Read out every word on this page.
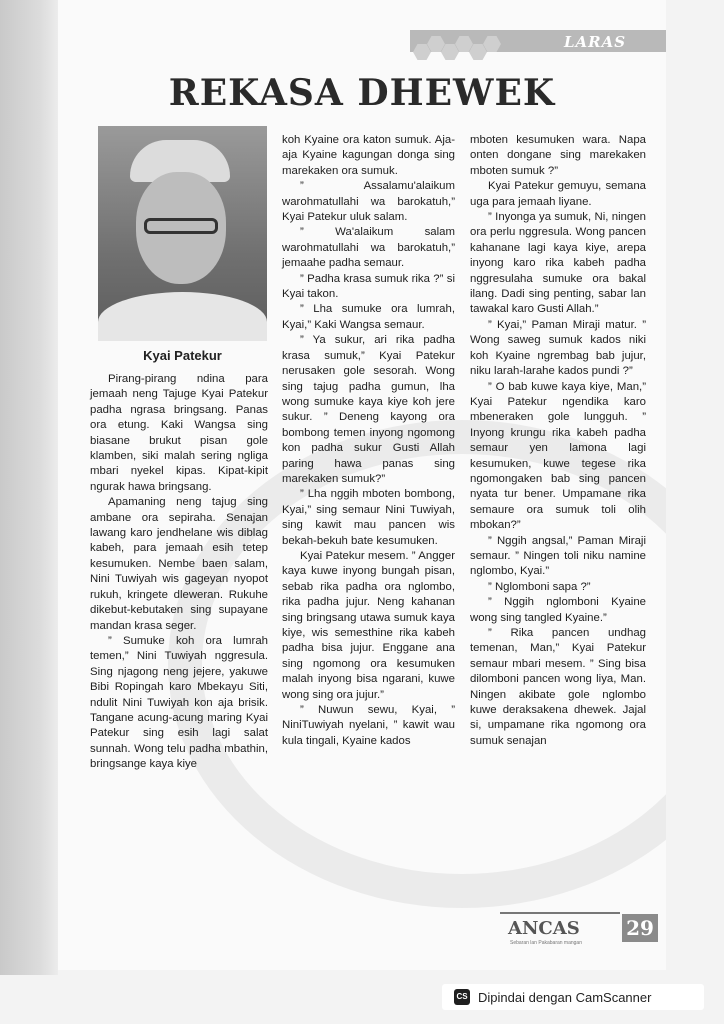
LARAS
REKASA DHEWEK
Kyai Patekur

Pirang-pirang ndina para jemaah neng Tajuge Kyai Patekur padha ngrasa bringsang. Panas ora etung. Kaki Wangsa sing biasane brukut pisan gole klamben, siki malah sering ngliga mbari nyekel kipas. Kipat-kipit ngurak hawa bringsang.

Apamaning neng tajug sing ambane ora sepiraha. Senajan lawang karo jendhelane wis diblag kabeh, para jemaah esih tetep kesumuken. Nembe baen salam, Nini Tuwiyah wis gageyan nyopot rukuh, kringete dleweran. Rukuhe dikebut-kebutaken sing supayane mandan krasa seger.

” Sumuke koh ora lumrah temen,” Nini Tuwiyah nggresula. Sing njagong neng jejere, yakuwe Bibi Ropingah karo Mbekayu Siti, ndulit Nini Tuwiyah kon aja brisik. Tangane acung-acung maring Kyai Patekur sing esih lagi salat sunnah. Wong telu padha mbathin, bringsange kaya kiye

koh Kyaine ora katon sumuk. Aja-aja Kyaine kagungan donga sing marekaken ora sumuk.

” Assalamu'alaikum warohmatullahi wa barokatuh,” Kyai Patekur uluk salam.

” Wa'alaikum salam warohmatullahi wa barokatuh,” jemaahe padha semaur.

” Padha krasa sumuk rika ?” si Kyai takon.

” Lha sumuke ora lumrah, Kyai,” Kaki Wangsa semaur.

” Ya sukur, ari rika padha krasa sumuk,” Kyai Patekur nerusaken gole sesorah. Wong sing tajug padha gumun, lha wong sumuke kaya kiye koh jere sukur. ” Deneng kayong ora bombong temen inyong ngomong kon padha sukur Gusti Allah paring hawa panas sing marekaken sumuk?”

” Lha nggih mboten bombong, Kyai,” sing semaur Nini Tuwiyah, sing kawit mau pancen wis bekah-bekuh bate kesumuken.

Kyai Patekur mesem. ” Angger kaya kuwe inyong bungah pisan, sebab rika padha ora nglombo, rika padha jujur. Neng kahanan sing bringsang utawa sumuk kaya kiye, wis semesthine rika kabeh padha bisa jujur. Enggane ana sing ngomong ora kesumuken malah inyong bisa ngarani, kuwe wong sing ora jujur.”

” Nuwun sewu, Kyai, ” NiniTuwiyah nyelani, ” kawit wau kula tingali, Kyaine kados

mboten kesumuken wara. Napa onten dongane sing marekaken mboten sumuk ?”

Kyai Patekur gemuyu, semana uga para jemaah liyane.

” Inyonga ya sumuk, Ni, ningen ora perlu nggresula. Wong pancen kahanane lagi kaya kiye, arepa inyong karo rika kabeh padha nggresulaha sumuke ora bakal ilang. Dadi sing penting, sabar lan tawakal karo Gusti Allah.”

” Kyai,” Paman Miraji matur. ” Wong saweg sumuk kados niki koh Kyaine ngrembag bab jujur, niku larah-larahe kados pundi ?”

” O bab kuwe kaya kiye, Man,” Kyai Patekur ngendika karo mbeneraken gole lungguh. ” Inyong krungu rika kabeh padha semaur yen lamona lagi kesumuken, kuwe tegese rika ngomongaken bab sing pancen nyata tur bener. Umpamane rika semaure ora sumuk toli olih mbokan?”

” Nggih angsal,” Paman Miraji semaur. ” Ningen toli niku namine nglombo, Kyai.”

” Nglomboni sapa ?”

” Nggih nglomboni Kyaine wong sing tangled Kyaine.”

” Rika pancen undhag temenan, Man,” Kyai Patekur semaur mbari mesem. ” Sing bisa dilomboni pancen wong liya, Man. Ningen akibate gole nglombo kuwe deraksakena dhewek. Jajal si, umpamane rika ngomong ora sumuk senajan

ANCAS
Sebaran lan Pakabaran mangan
29
CS Dipindai dengan CamScanner
